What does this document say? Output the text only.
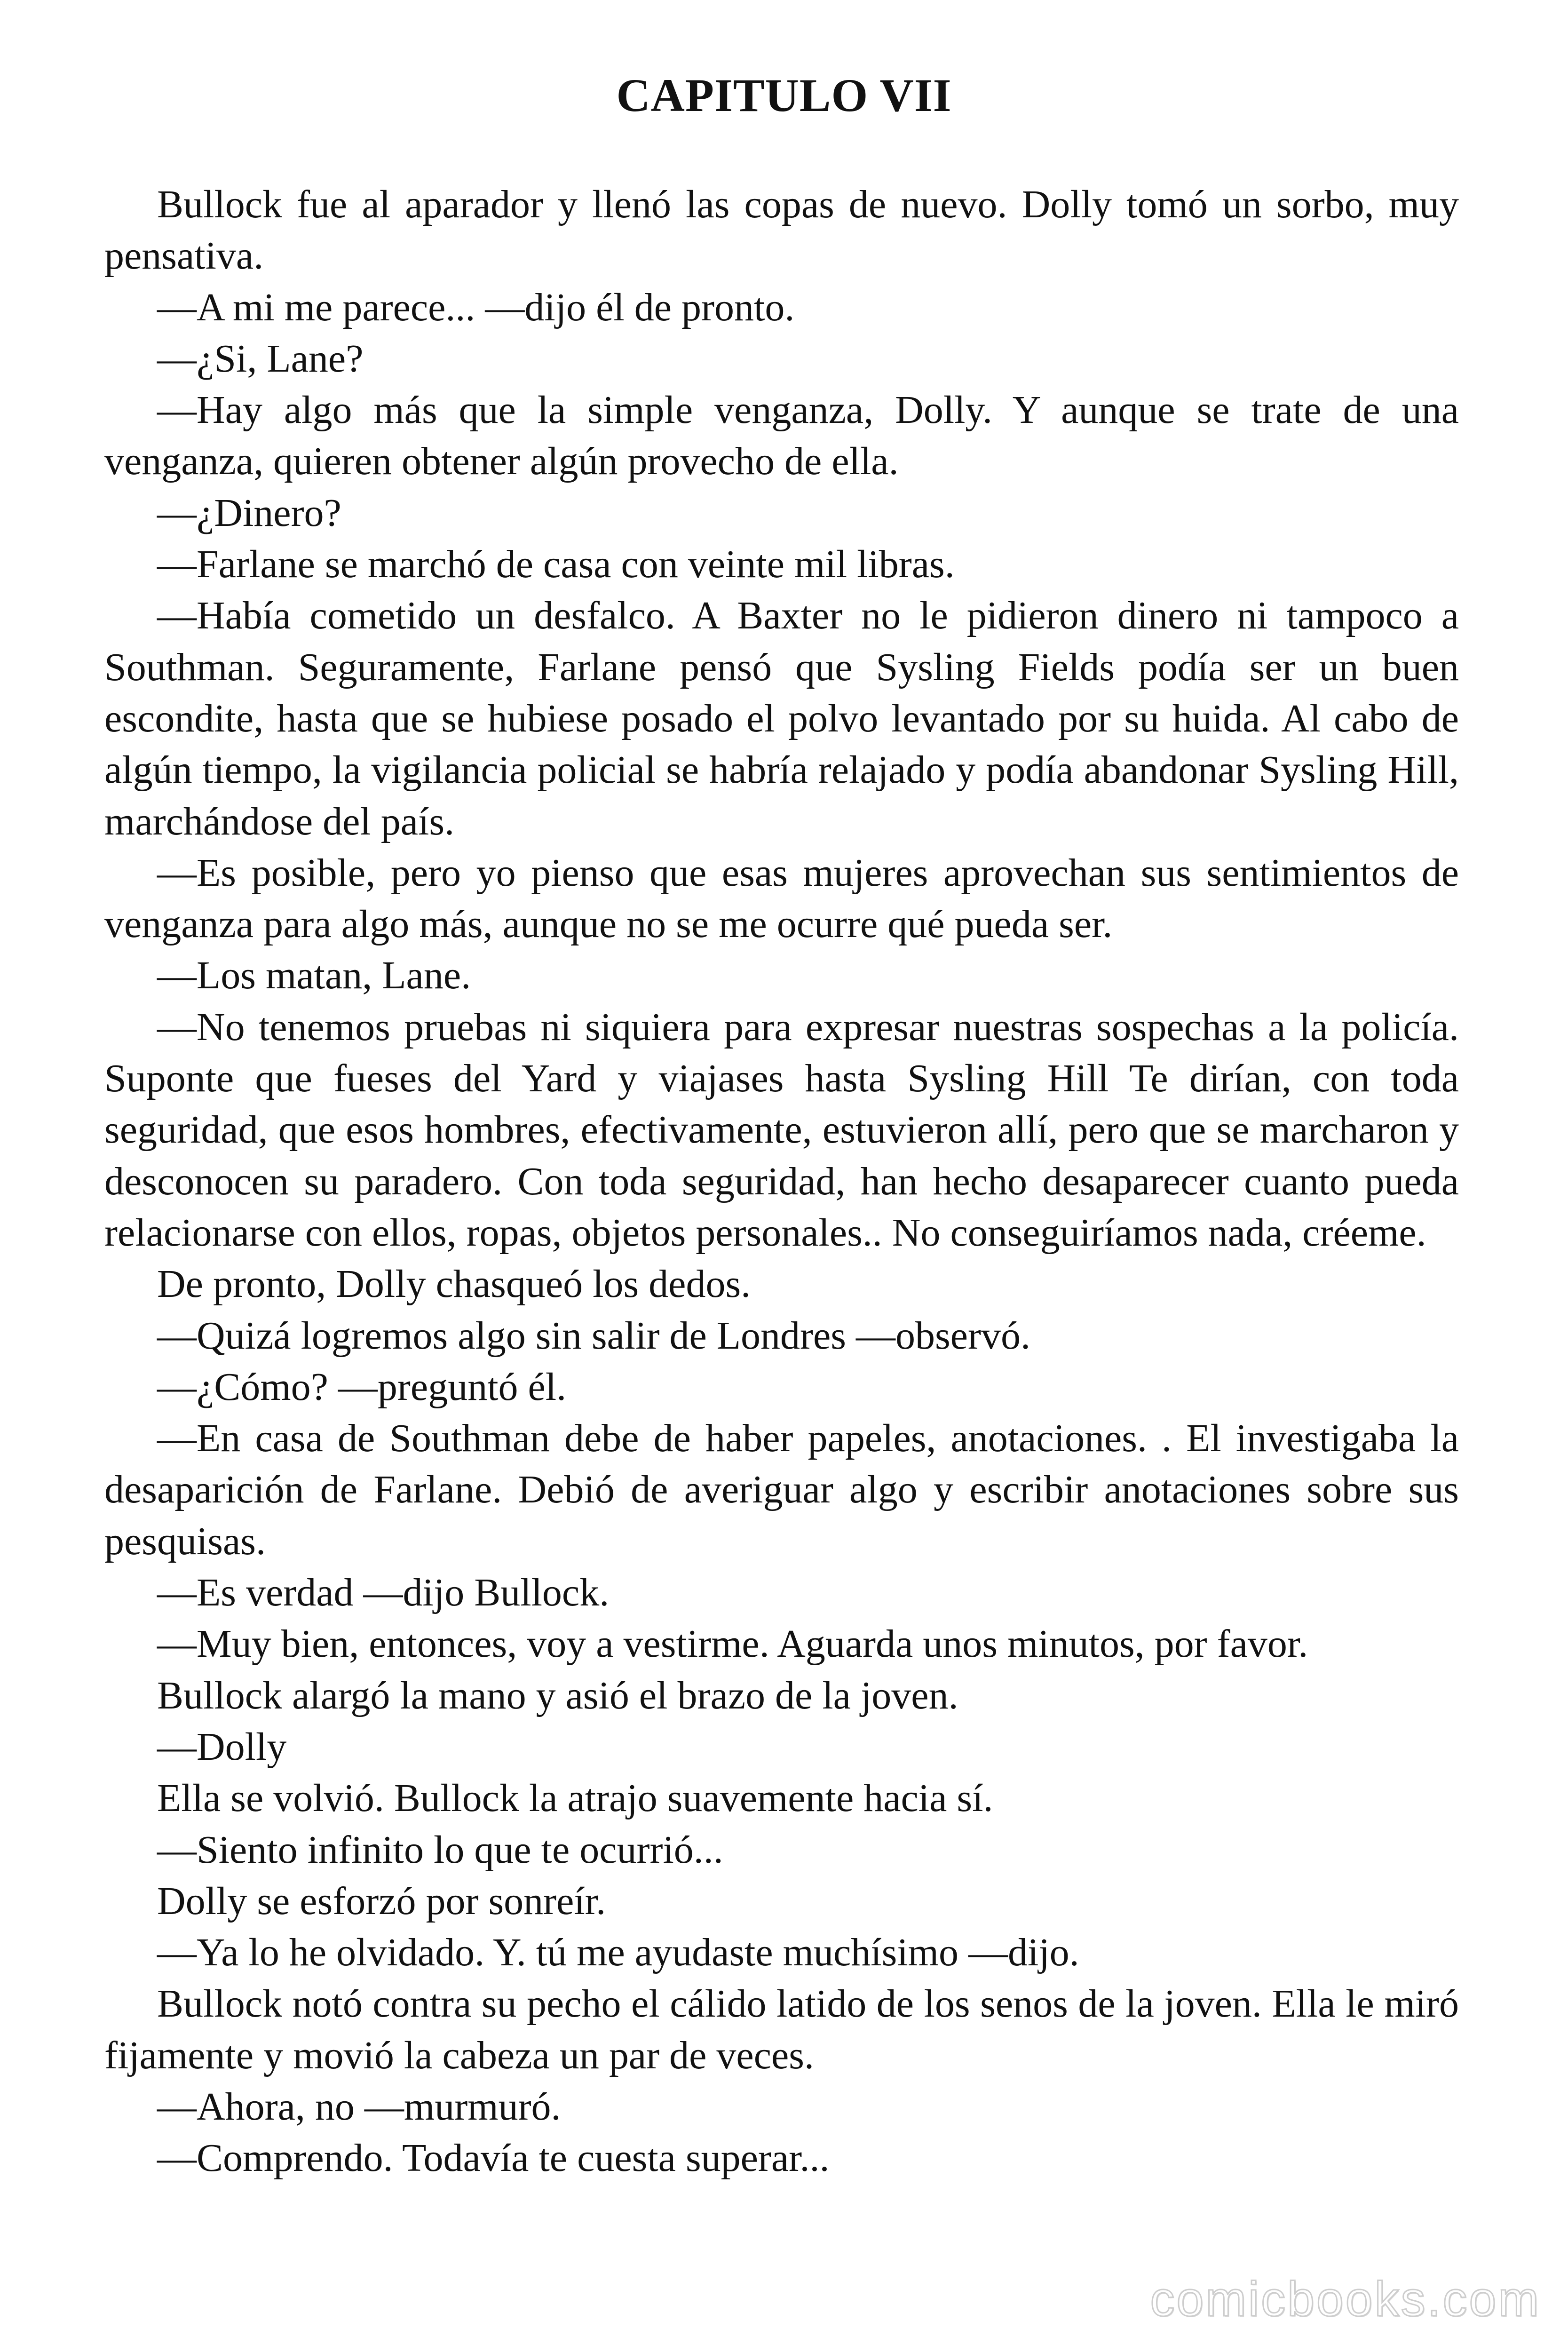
CAPITULO VII

Bullock fue al aparador y llenó las copas de nuevo. Dolly tomó un sorbo, muy pensativa.

—A mi me parece... —dijo él de pronto.

—¿Si, Lane?

—Hay algo más que la simple venganza, Dolly. Y aunque se trate de una venganza, quieren obtener algún provecho de ella.

—¿Dinero?

—Farlane se marchó de casa con veinte mil libras.

—Había cometido un desfalco. A Baxter no le pidieron dinero ni tampoco a Southman. Seguramente, Farlane pensó que Sysling Fields podía ser un buen escondite, hasta que se hubiese posado el polvo levantado por su huida. Al cabo de algún tiempo, la vigilancia policial se habría relajado y podía abandonar Sysling Hill, marchándose del país.

—Es posible, pero yo pienso que esas mujeres aprovechan sus sentimientos de venganza para algo más, aunque no se me ocurre qué pueda ser.

—Los matan, Lane.

—No tenemos pruebas ni siquiera para expresar nuestras sospechas a la policía. Suponte que fueses del Yard y viajases hasta Sysling Hill Te dirían, con toda seguridad, que esos hombres, efectivamente, estuvieron allí, pero que se marcharon y desconocen su paradero. Con toda seguridad, han hecho desaparecer cuanto pueda relacionarse con ellos, ropas, objetos personales.. No conseguiríamos nada, créeme.

De pronto, Dolly chasqueó los dedos.

—Quizá logremos algo sin salir de Londres —observó.

—¿Cómo? —preguntó él.

—En casa de Southman debe de haber papeles, anotaciones. . El investigaba la desaparición de Farlane. Debió de averiguar algo y escribir anotaciones sobre sus pesquisas.

—Es verdad —dijo Bullock.

—Muy bien, entonces, voy a vestirme. Aguarda unos minutos, por favor.

Bullock alargó la mano y asió el brazo de la joven.

—Dolly

Ella se volvió. Bullock la atrajo suavemente hacia sí.

—Siento infinito lo que te ocurrió...

Dolly se esforzó por sonreír.

—Ya lo he olvidado. Y. tú me ayudaste muchísimo —dijo.

Bullock notó contra su pecho el cálido latido de los senos de la joven. Ella le miró fijamente y movió la cabeza un par de veces.

—Ahora, no —murmuró.

—Comprendo. Todavía te cuesta superar...

comicbooks.com
